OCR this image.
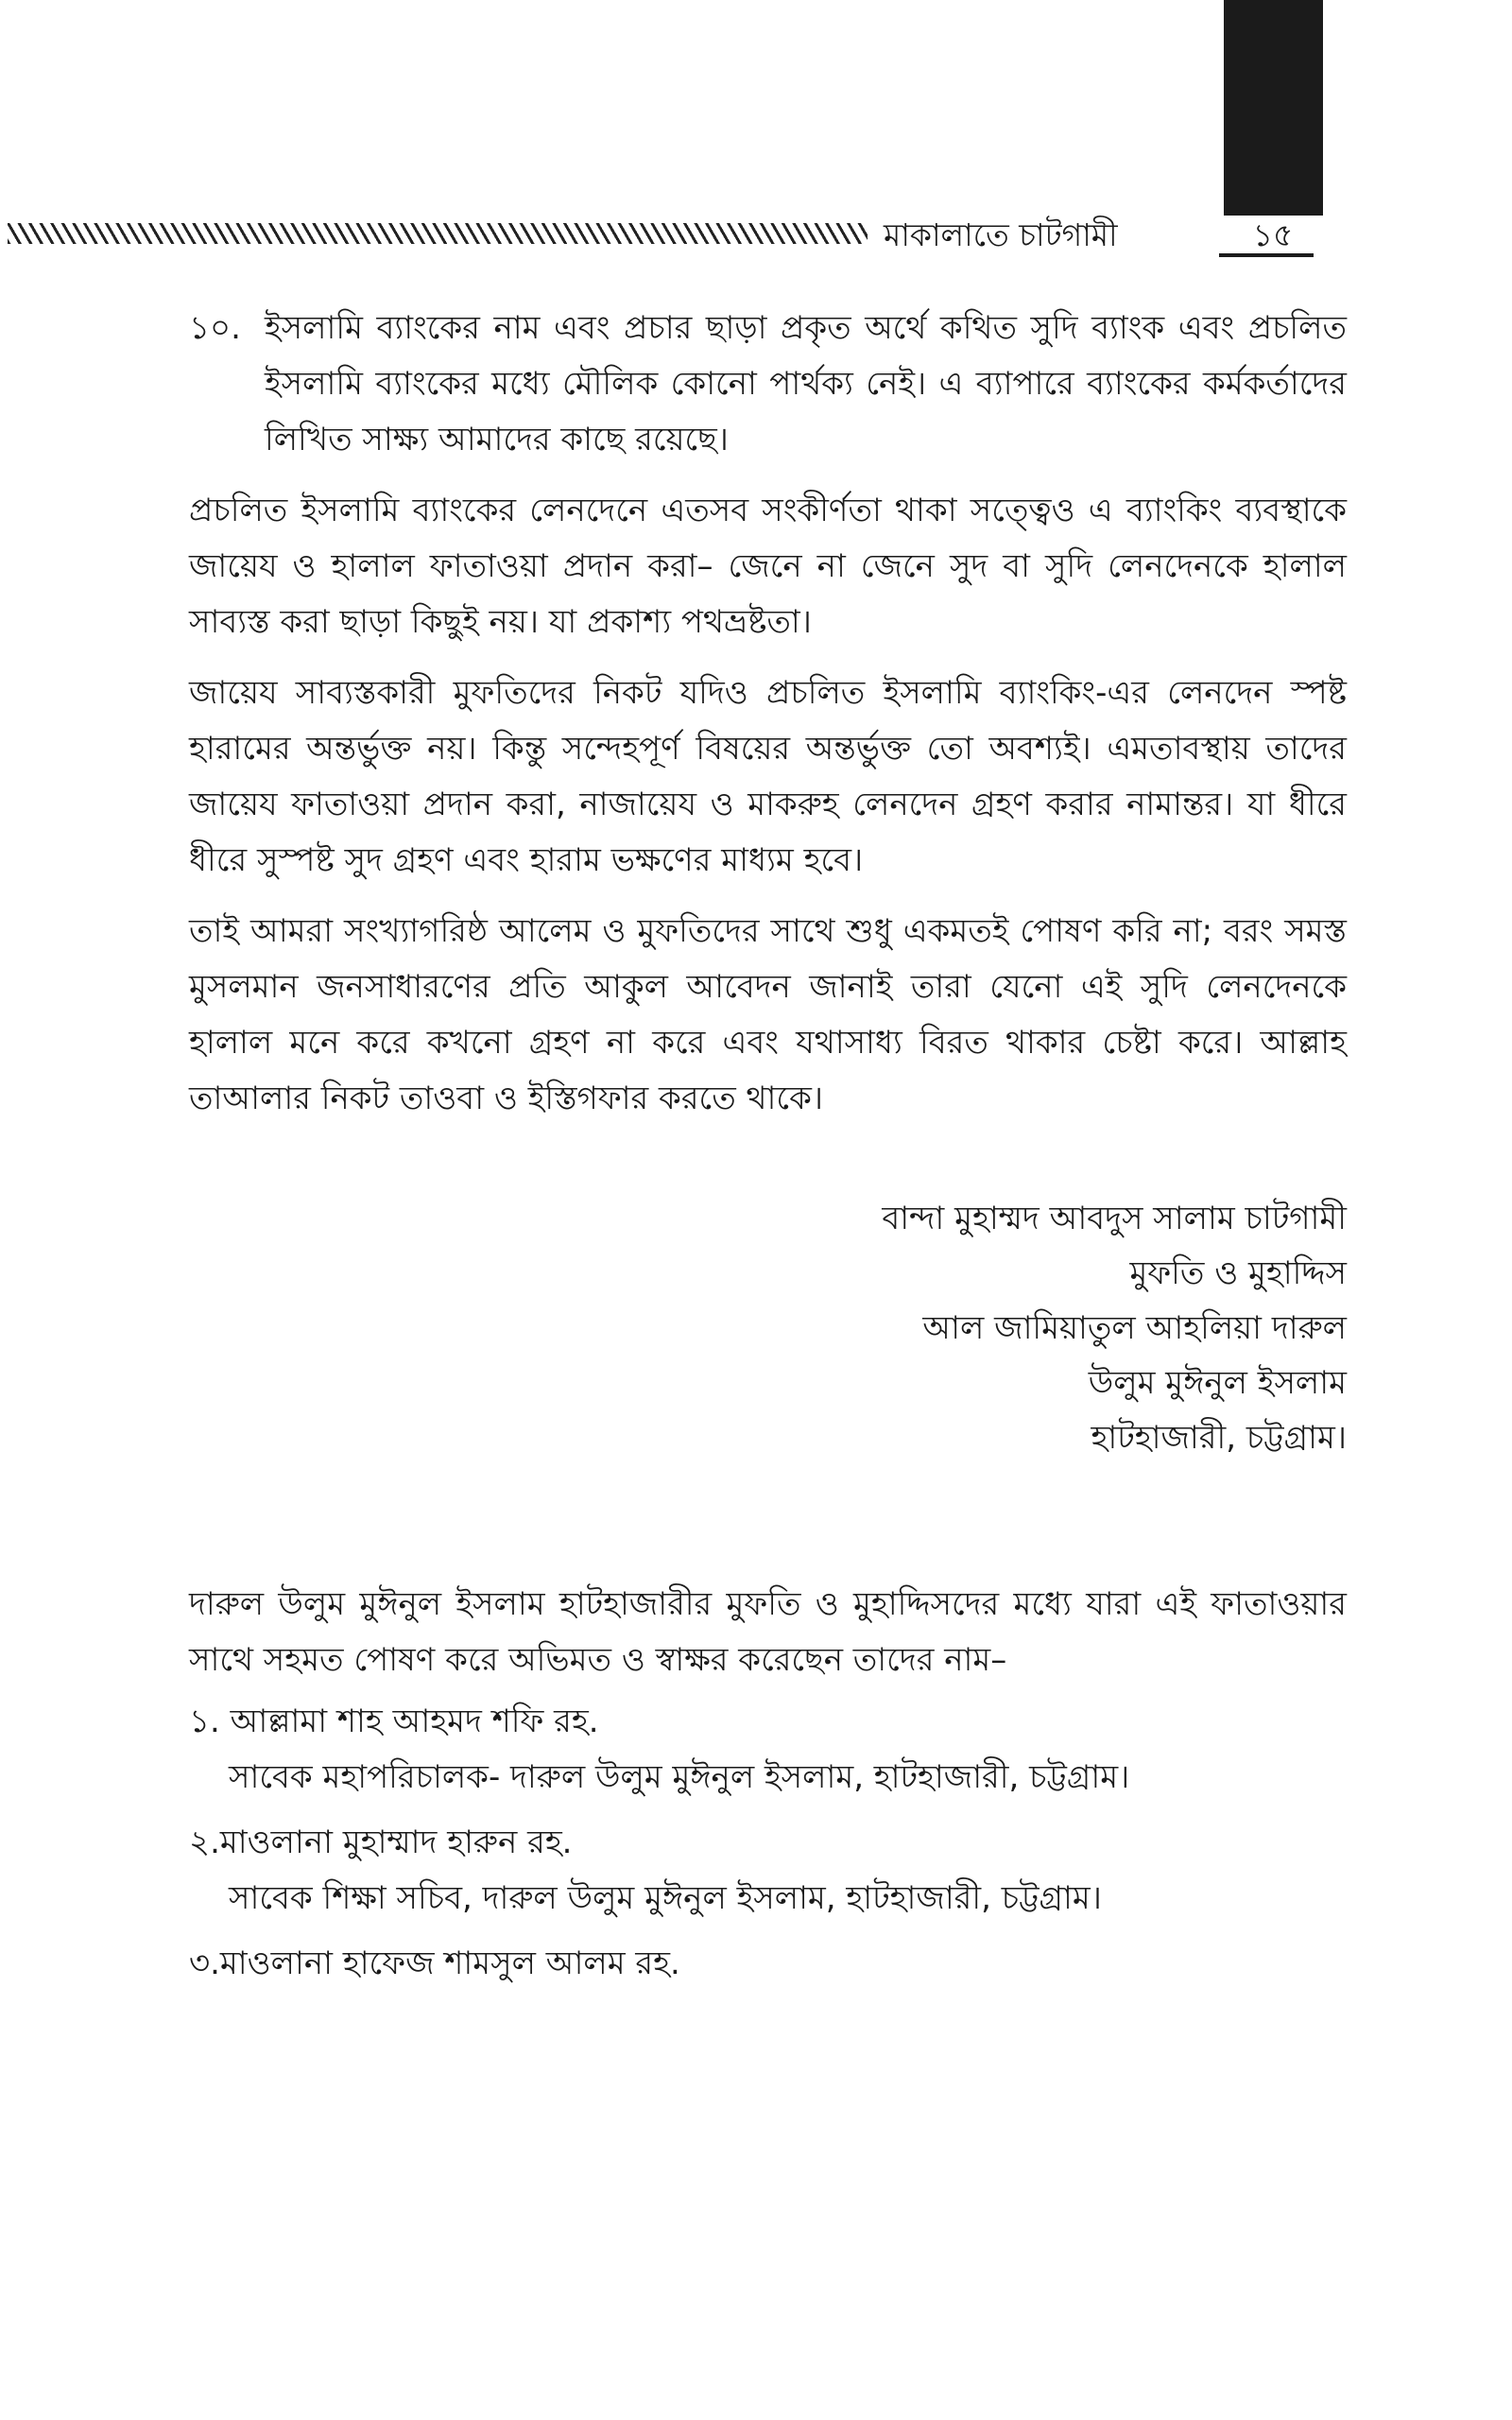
মাকালাতে চাটগামী	১৫
১০. ইসলামি ব্যাংকের নাম এবং প্রচার ছাড়া প্রকৃত অর্থে কথিত সুদি ব্যাংক এবং প্রচলিত ইসলামি ব্যাংকের মধ্যে মৌলিক কোনো পার্থক্য নেই। এ ব্যাপারে ব্যাংকের কর্মকর্তাদের লিখিত সাক্ষ্য আমাদের কাছে রয়েছে।

প্রচলিত ইসলামি ব্যাংকের লেনদেনে এতসব সংকীর্ণতা থাকা সত্ত্বেও এ ব্যাংকিং ব্যবস্থাকে জায়েয ও হালাল ফাতাওয়া প্রদান করা– জেনে না জেনে সুদ বা সুদি লেনদেনকে হালাল সাব্যস্ত করা ছাড়া কিছুই নয়। যা প্রকাশ্য পথভ্রষ্টতা।

জায়েয সাব্যস্তকারী মুফতিদের নিকট যদিও প্রচলিত ইসলামি ব্যাংকিং-এর লেনদেন স্পষ্ট হারামের অন্তর্ভুক্ত নয়। কিন্তু সন্দেহপূর্ণ বিষয়ের অন্তর্ভুক্ত তো অবশ্যই। এমতাবস্থায় তাদের জায়েয ফাতাওয়া প্রদান করা, নাজায়েয ও মাকরুহ লেনদেন গ্রহণ করার নামান্তর। যা ধীরে ধীরে সুস্পষ্ট সুদ গ্রহণ এবং হারাম ভক্ষণের মাধ্যম হবে।

তাই আমরা সংখ্যাগরিষ্ঠ আলেম ও মুফতিদের সাথে শুধু একমতই পোষণ করি না; বরং সমস্ত মুসলমান জনসাধারণের প্রতি আকুল আবেদন জানাই তারা যেনো এই সুদি লেনদেনকে হালাল মনে করে কখনো গ্রহণ না করে এবং যথাসাধ্য বিরত থাকার চেষ্টা করে। আল্লাহ তাআলার নিকট তাওবা ও ইস্তিগফার করতে থাকে।

বান্দা মুহাম্মদ আবদুস সালাম চাটগামী
মুফতি ও মুহাদ্দিস
আল জামিয়াতুল আহলিয়া দারুল
উলুম মুঈনুল ইসলাম
হাটহাজারী, চট্টগ্রাম।

দারুল উলুম মুঈনুল ইসলাম হাটহাজারীর মুফতি ও মুহাদ্দিসদের মধ্যে যারা এই ফাতাওয়ার সাথে সহমত পোষণ করে অভিমত ও স্বাক্ষর করেছেন তাদের নাম–

১. আল্লামা শাহ আহমদ শফি রহ.
সাবেক মহাপরিচালক- দারুল উলুম মুঈনুল ইসলাম, হাটহাজারী, চট্টগ্রাম।
২.মাওলানা মুহাম্মাদ হারুন রহ.
সাবেক শিক্ষা সচিব, দারুল উলুম মুঈনুল ইসলাম, হাটহাজারী, চট্টগ্রাম।
৩.মাওলানা হাফেজ শামসুল আলম রহ.
